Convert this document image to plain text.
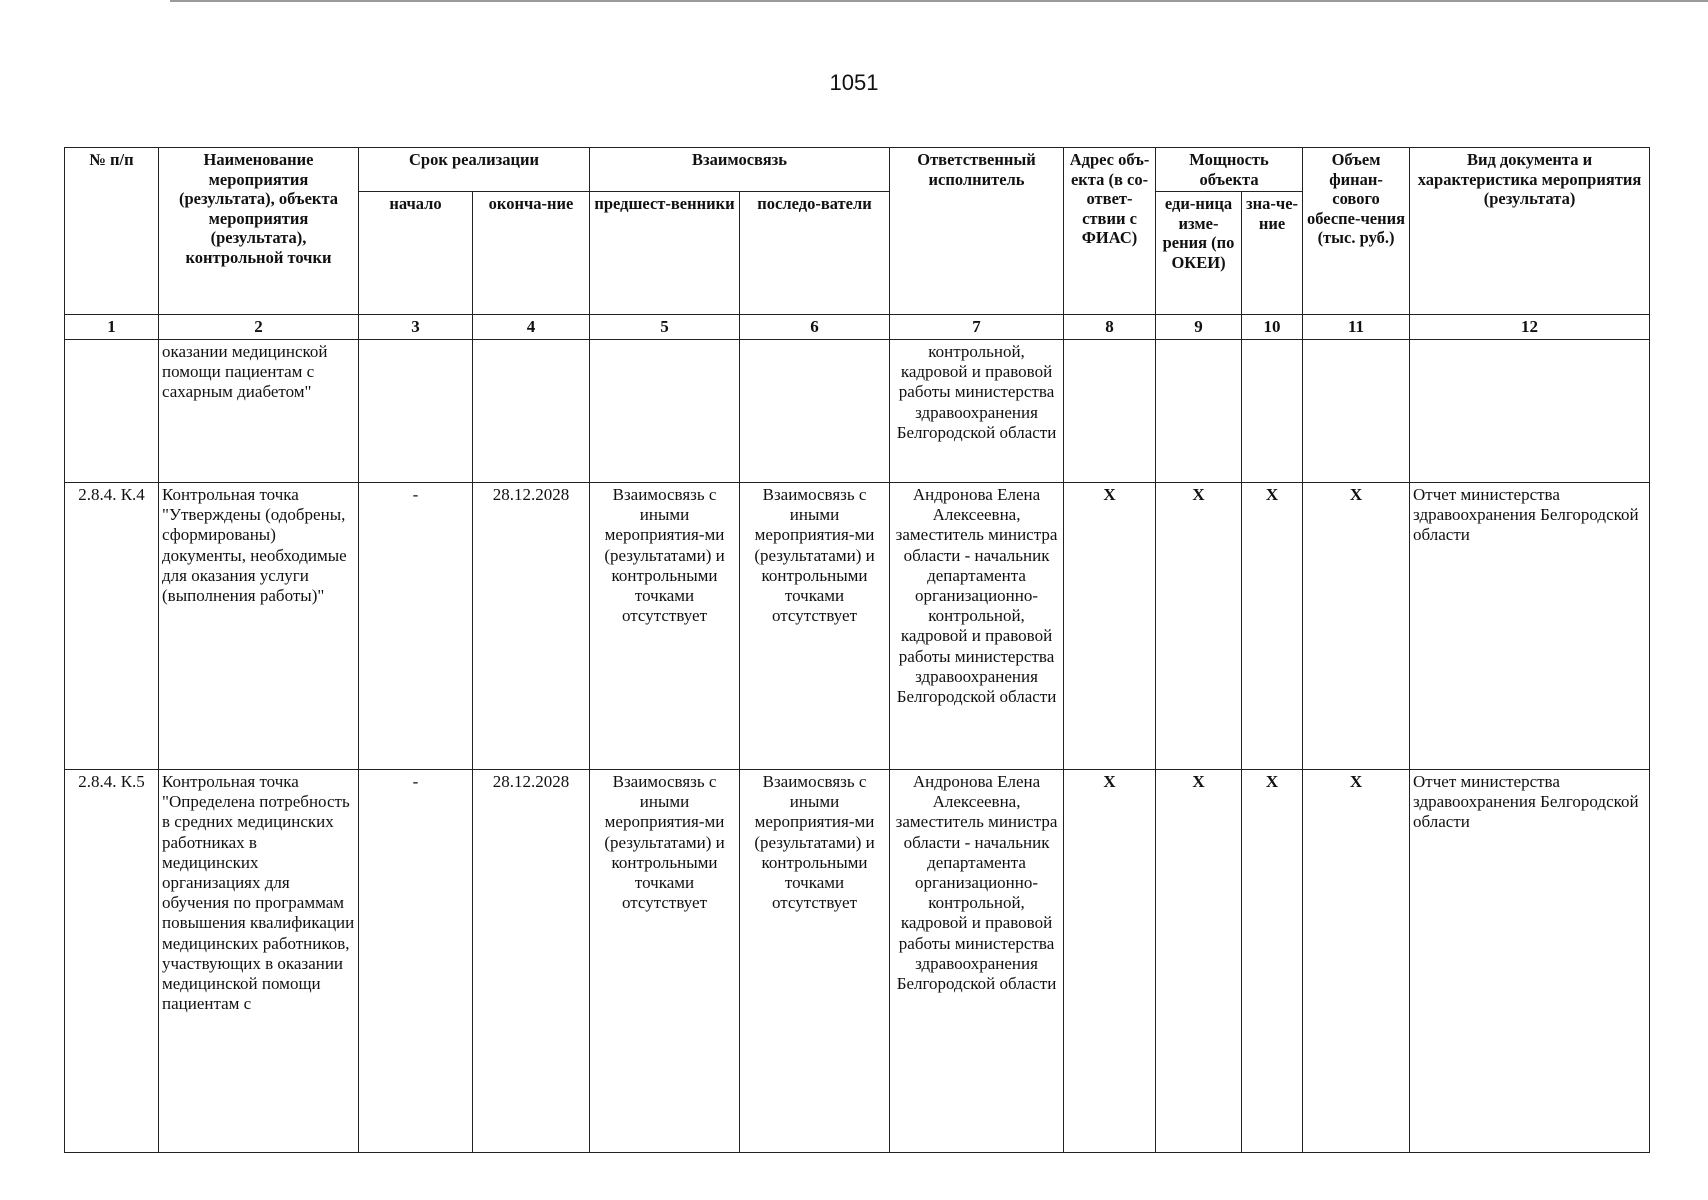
1051
№ п/п	Наименование мероприятия (результата), объекта мероприятия (результата), контрольной точки	Срок реализации		Взаимосвязь		Ответственный исполнитель	Адрес объ-екта (в со-ответ-ствии с ФИАС)	Мощность объекта		Объем финан-сового обеспе-чения (тыс. руб.)	Вид документа и характеристика мероприятия (результата)
		начало	оконча-ние	предшест-венники	последо-ватели			еди-ница изме-рения (по ОКЕИ)	зна-че-ние		
1	2	3	4	5	6	7	8	9	10	11	12
	оказании медицинской помощи пациентам с сахарным диабетом"					контрольной, кадровой и правовой работы министерства здравоохранения Белгородской области					
2.8.4. К.4	Контрольная точка "Утверждены (одобрены, сформированы) документы, необходимые для оказания услуги (выполнения работы)"	-	28.12.2028	Взаимосвязь с иными мероприятия-ми (результатами) и контрольными точками отсутствует	Взаимосвязь с иными мероприятия-ми (результатами) и контрольными точками отсутствует	Андронова Елена Алексеевна, заместитель министра области - начальник департамента организационно-контрольной, кадровой и правовой работы министерства здравоохранения Белгородской области	X	X	X	X	Отчет министерства здравоохранения Белгородской области
2.8.4. К.5	Контрольная точка "Определена потребность в средних медицинских работниках в медицинских организациях для обучения по программам повышения квалификации медицинских работников, участвующих в оказании медицинской помощи пациентам с	-	28.12.2028	Взаимосвязь с иными мероприятия-ми (результатами) и контрольными точками отсутствует	Взаимосвязь с иными мероприятия-ми (результатами) и контрольными точками отсутствует	Андронова Елена Алексеевна, заместитель министра области - начальник департамента организационно-контрольной, кадровой и правовой работы министерства здравоохранения Белгородской области	X	X	X	X	Отчет министерства здравоохранения Белгородской области
